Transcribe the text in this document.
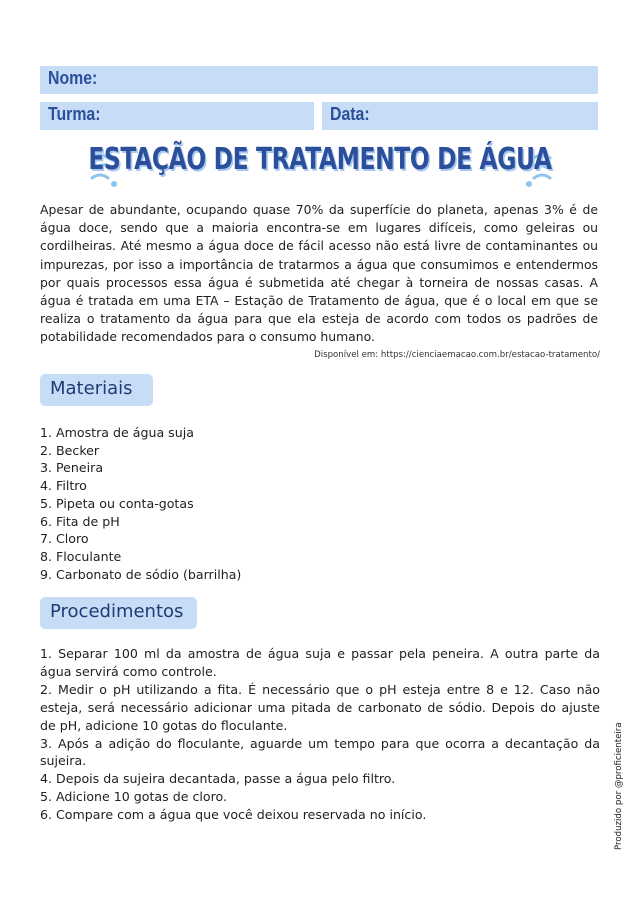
Nome:
Turma:	Data:
ESTAÇÃO DE TRATAMENTO DE ÁGUA

Apesar de abundante, ocupando quase 70% da superfície do planeta, apenas 3% é de água doce, sendo que a maioria encontra-se em lugares difíceis, como geleiras ou cordilheiras. Até mesmo a água doce de fácil acesso não está livre de contaminantes ou impurezas, por isso a importância de tratarmos a água que consumimos e entendermos por quais processos essa água é submetida até chegar à torneira de nossas casas. A água é tratada em uma ETA – Estação de Tratamento de água, que é o local em que se realiza o tratamento da água para que ela esteja de acordo com todos os padrões de potabilidade recomendados para o consumo humano.

Disponível em: https://cienciaemacao.com.br/estacao-tratamento/
Materiais
1. Amostra de água suja
2. Becker
3. Peneira
4. Filtro
5. Pipeta ou conta-gotas
6. Fita de pH
7. Cloro
8. Floculante
9. Carbonato de sódio (barrilha)
Procedimentos
1. Separar 100 ml da amostra de água suja e passar pela peneira. A outra parte da água servirá como controle.
2. Medir o pH utilizando a fita. É necessário que o pH esteja entre 8 e 12. Caso não esteja, será necessário adicionar uma pitada de carbonato de sódio. Depois do ajuste de pH, adicione 10 gotas do floculante.
3. Após a adição do floculante, aguarde um tempo para que ocorra a decantação da sujeira.
4. Depois da sujeira decantada, passe a água pelo filtro.
5. Adicione 10 gotas de cloro.
6. Compare com a água que você deixou reservada no início.	Produzido por @proficienteira
